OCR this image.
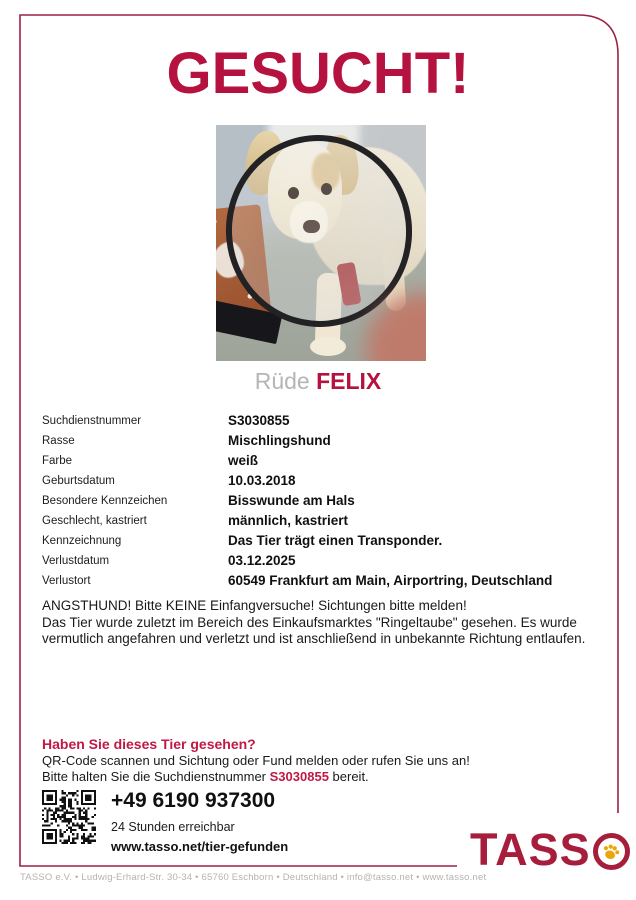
GESUCHT!
Rüde FELIX
Suchdienstnummer	S3030855
Rasse	Mischlingshund
Farbe	weiß
Geburtsdatum	10.03.2018
Besondere Kennzeichen	Bisswunde am Hals
Geschlecht, kastriert	männlich, kastriert
Kennzeichnung	Das Tier trägt einen Transponder.
Verlustdatum	03.12.2025
Verlustort	60549 Frankfurt am Main, Airportring, Deutschland
ANGSTHUND! Bitte KEINE Einfangversuche! Sichtungen bitte melden!
Das Tier wurde zuletzt im Bereich des Einkaufsmarktes "Ringeltaube" gesehen. Es wurde vermutlich angefahren und verletzt und ist anschließend in unbekannte Richtung entlaufen.
Haben Sie dieses Tier gesehen?
QR-Code scannen und Sichtung oder Fund melden oder rufen Sie uns an!
Bitte halten Sie die Suchdienstnummer S3030855 bereit.
+49 6190 937300
24 Stunden erreichbar
www.tasso.net/tier-gefunden	TASS
TASSO e.V. • Ludwig-Erhard-Str. 30-34 • 65760 Eschborn • Deutschland • info@tasso.net • www.tasso.net
